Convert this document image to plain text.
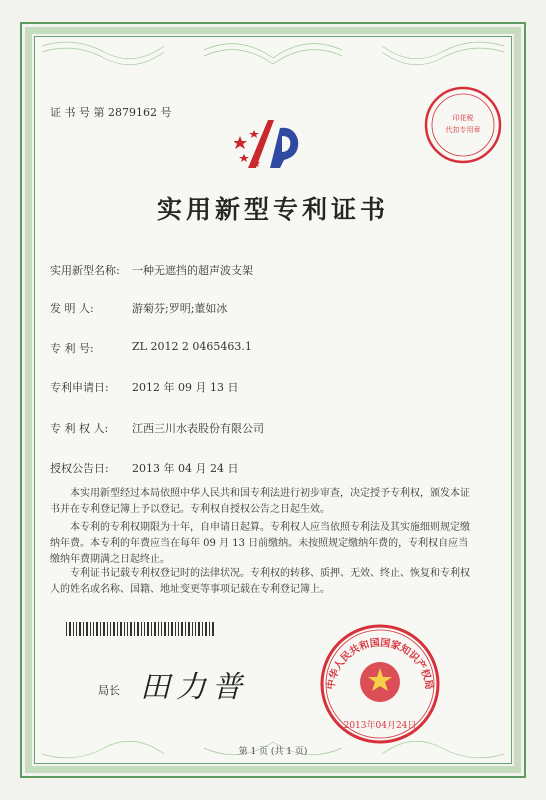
证 书 号 第 2879162 号	印花税
代扣专用章
实用新型专利证书
实用新型名称: 一种无遮挡的超声波支架
发 明 人:	游菊芬;罗明;董如冰
专 利 号:	ZL 2012 2 0465463.1
专利申请日: 2012 年 09 月 13 日
专 利 权 人: 江西三川水表股份有限公司
授权公告日: 2013 年 04 月 24 日
本实用新型经过本局依照中华人民共和国专利法进行初步审查，决定授予专利权，颁发本证书并在专利登记簿上予以登记。专利权自授权公告之日起生效。
本专利的专利权期限为十年，自申请日起算。专利权人应当依照专利法及其实施细则规定缴纳年费。本专利的年费应当在每年 09 月 13 日前缴纳。未按照规定缴纳年费的，专利权自应当缴纳年费期满之日起终止。
专利证书记载专利权登记时的法律状况。专利权的转移、质押、无效、终止、恢复和专利权人的姓名或名称、国籍、地址变更等事项记载在专利登记簿上。
局长 田力普	中华人民共和国国家知识产权局
2013年04月24日
第 1 页 (共 1 页)
